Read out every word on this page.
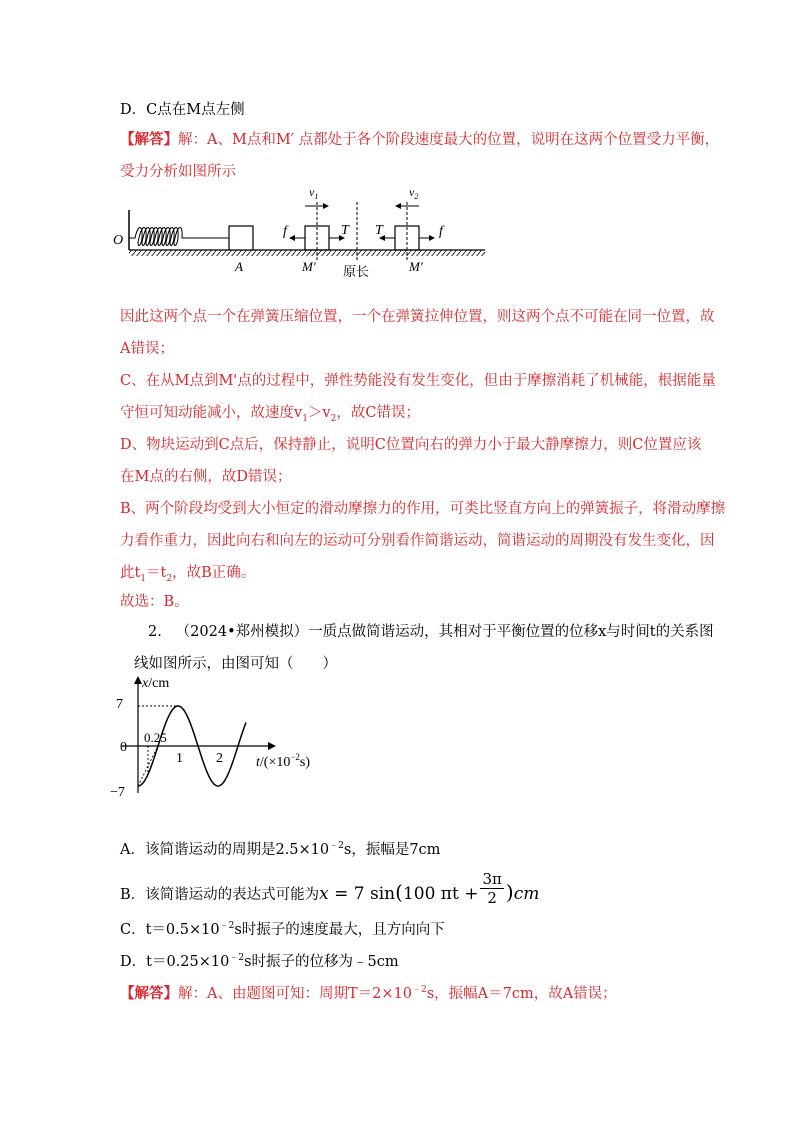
D．C点在M点左侧
【解答】解：A、M点和M′ 点都处于各个阶段速度最大的位置，说明在这两个位置受力平衡，
受力分析如图所示
O
A
f	T
$v_1$
M′ 原长
T	f
$v_2$
M′
因此这两个点一个在弹簧压缩位置，一个在弹簧拉伸位置，则这两个点不可能在同一位置，故
A错误；
C、在从M点到M'点的过程中，弹性势能没有发生变化，但由于摩擦消耗了机械能，根据能量
守恒可知动能减小，故速度$v_1>v_2$，故C错误；
D、物块运动到C点后，保持静止，说明C位置向右的弹力小于最大静摩擦力，则C位置应该
在M点的右侧，故D错误；
B、两个阶段均受到大小恒定的滑动摩擦力的作用，可类比竖直方向上的弹簧振子，将滑动摩擦
力看作重力，因此向右和向左的运动可分别看作简谐运动，简谐运动的周期没有发生变化，因
此$t_1=t_2$，故B正确。
故选：B。
2. （2024•郑州模拟）一质点做简谐运动，其相对于平衡位置的位移x与时间t的关系图
线如图所示，由图可知（　　）
x/cm
7
0
−7
0.25
1 2 $t/(\times 10^{-2}s)$
A．该简谐运动的周期是$2.5\times 10^{﹣2}s$，振幅是7cm
B．该简谐运动的表达式可能为x = 7 sin(100 $\pi t + \frac{3\pi}{2} )cm$
C．$t=0.5\times 10^{﹣2}s$时振子的速度最大，且方向向下
D．$t=0.25\times 10^{﹣2}s$时振子的位移为﹣5cm
【解答】解：A、由题图可知：周期$T=2\times 10^{﹣2}s$，振幅A＝7cm，故A错误；
